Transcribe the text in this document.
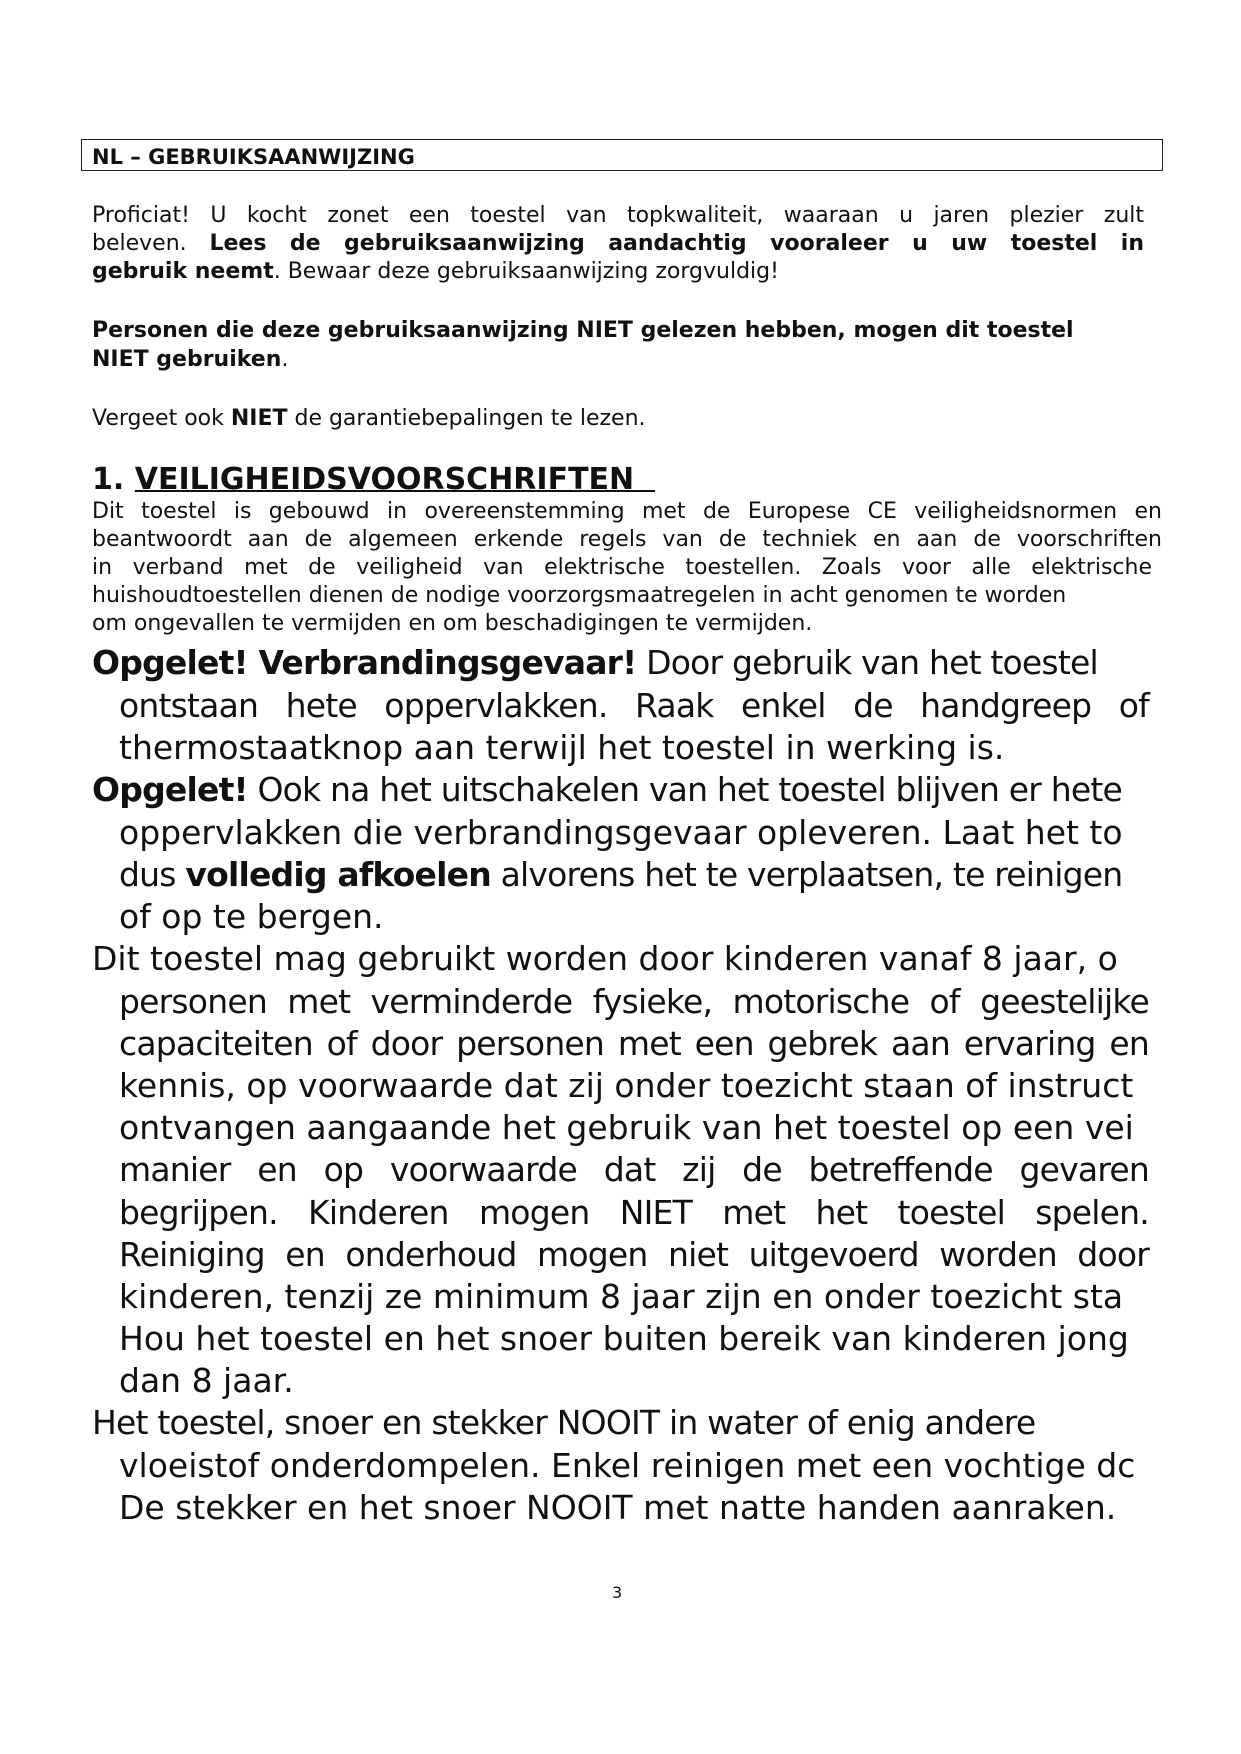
NL – GEBRUIKSAANWIJZING
Proficiat! U kocht zonet een toestel van topkwaliteit, waaraan u jaren plezier zult
beleven. Lees de gebruiksaanwijzing aandachtig vooraleer u uw toestel in
gebruik neemt. Bewaar deze gebruiksaanwijzing zorgvuldig!
Personen die deze gebruiksaanwijzing NIET gelezen hebben, mogen dit toestel
NIET gebruiken.
Vergeet ook NIET de garantiebepalingen te lezen.
1. VEILIGHEIDSVOORSCHRIFTEN
Dit toestel is gebouwd in overeenstemming met de Europese CE veiligheidsnormen en
beantwoordt aan de algemeen erkende regels van de techniek en aan de voorschriften
in verband met de veiligheid van elektrische toestellen. Zoals voor alle elektrische
huishoudtoestellen dienen de nodige voorzorgsmaatregelen in acht genomen te worden
om ongevallen te vermijden en om beschadigingen te vermijden.
Opgelet! Verbrandingsgevaar! Door gebruik van het toestel
ontstaan hete oppervlakken. Raak enkel de handgreep of
thermostaatknop aan terwijl het toestel in werking is.
Opgelet! Ook na het uitschakelen van het toestel blijven er hete
oppervlakken die verbrandingsgevaar opleveren. Laat het to
dus volledig afkoelen alvorens het te verplaatsen, te reinigen
of op te bergen.
Dit toestel mag gebruikt worden door kinderen vanaf 8 jaar, o
personen met verminderde fysieke, motorische of geestelijke
capaciteiten of door personen met een gebrek aan ervaring en
kennis, op voorwaarde dat zij onder toezicht staan of instruct
ontvangen aangaande het gebruik van het toestel op een vei
manier en op voorwaarde dat zij de betreffende gevaren
begrijpen. Kinderen mogen NIET met het toestel spelen.
Reiniging en onderhoud mogen niet uitgevoerd worden door
kinderen, tenzij ze minimum 8 jaar zijn en onder toezicht sta
Hou het toestel en het snoer buiten bereik van kinderen jong
dan 8 jaar.
Het toestel, snoer en stekker NOOIT in water of enig andere
vloeistof onderdompelen. Enkel reinigen met een vochtige dc
De stekker en het snoer NOOIT met natte handen aanraken.
3
